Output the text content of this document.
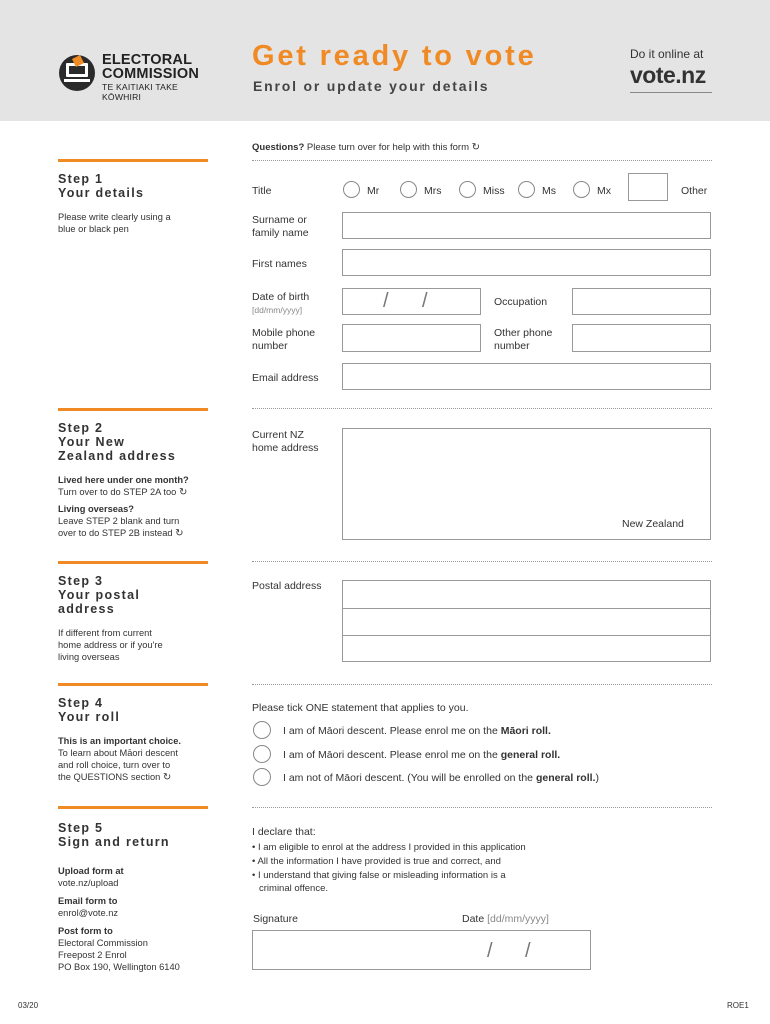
ELECTORAL
COMMISSION
TE KAITIAKI TAKE KŌWHIRI
Get ready to vote
Enrol or update your details
Do it online at
vote.nz
Questions? Please turn over for help with this form ↻
Step 1
Your details
Please write clearly using a
blue or black pen
Title	Mr	Mrs	Miss	Ms	Mx	Other
Surname or
family name
First names
Date of birth
[dd/mm/yyyy]	/ /	Occupation
Mobile phone
number
Other phone
number
Email address
Step 2
Your New
Zealand address
Lived here under one month?
Turn over to do STEP 2A too ↻
Living overseas?
Leave STEP 2 blank and turn
over to do STEP 2B instead ↻
Current NZ
home address
New Zealand
Step 3
Your postal
address
If different from current
home address or if you're
living overseas
Postal address
Step 4
Your roll
This is an important choice.
To learn about Māori descent
and roll choice, turn over to
the QUESTIONS section ↻
Please tick ONE statement that applies to you.
I am of Māori descent. Please enrol me on the Māori roll.
I am of Māori descent. Please enrol me on the general roll.
I am not of Māori descent. (You will be enrolled on the general roll.)
Step 5
Sign and return
Upload form at
vote.nz/upload
Email form to
enrol@vote.nz
Post form to
Electoral Commission
Freepost 2 Enrol
PO Box 190, Wellington 6140
I declare that:
• I am eligible to enrol at the address I provided in this application
• All the information I have provided is true and correct, and
• I understand that giving false or misleading information is a
criminal offence.
Signature	Date [dd/mm/yyyy]
/ /
03/20	ROE1
